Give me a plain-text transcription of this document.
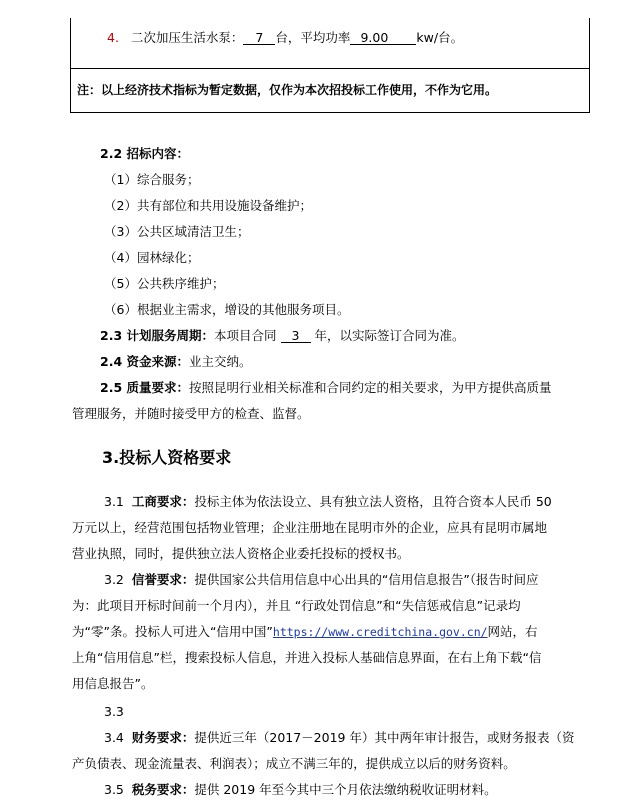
4. 二次加压生活水泵： 7 台，平均功率 9.00 kw/台。
注：以上经济技术指标为暂定数据，仅作为本次招投标工作使用，不作为它用。
2.2 招标内容：
（1）综合服务；
（2）共有部位和共用设施设备维护；
（3）公共区域清洁卫生；
（4）园林绿化；
（5）公共秩序维护；
（6）根据业主需求，增设的其他服务项目。
2.3 计划服务周期：本项目合同 3 年，以实际签订合同为准。
2.4 资金来源：业主交纳。
2.5 质量要求：按照昆明行业相关标准和合同约定的相关要求，为甲方提供高质量
管理服务，并随时接受甲方的检查、监督。
3.投标人资格要求
3.1 工商要求：投标主体为依法设立、具有独立法人资格，且符合资本人民币 50
万元以上，经营范围包括物业管理；企业注册地在昆明市外的企业，应具有昆明市属地
营业执照，同时，提供独立法人资格企业委托投标的授权书。
3.2 信誉要求：提供国家公共信用信息中心出具的“信用信息报告”（报告时间应
为：此项目开标时间前一个月内），并且 “行政处罚信息”和“失信惩戒信息”记录均
为“零”条。投标人可进入“信用中国”https://www.creditchina.gov.cn/网站，右
上角“信用信息”栏，搜索投标人信息，并进入投标人基础信息界面，在右上角下载“信
用信息报告”。
3.3
3.4 财务要求：提供近三年（2017－2019 年）其中两年审计报告，或财务报表（资
产负债表、现金流量表、利润表）；成立不满三年的，提供成立以后的财务资料。
3.5 税务要求：提供 2019 年至今其中三个月依法缴纳税收证明材料。
